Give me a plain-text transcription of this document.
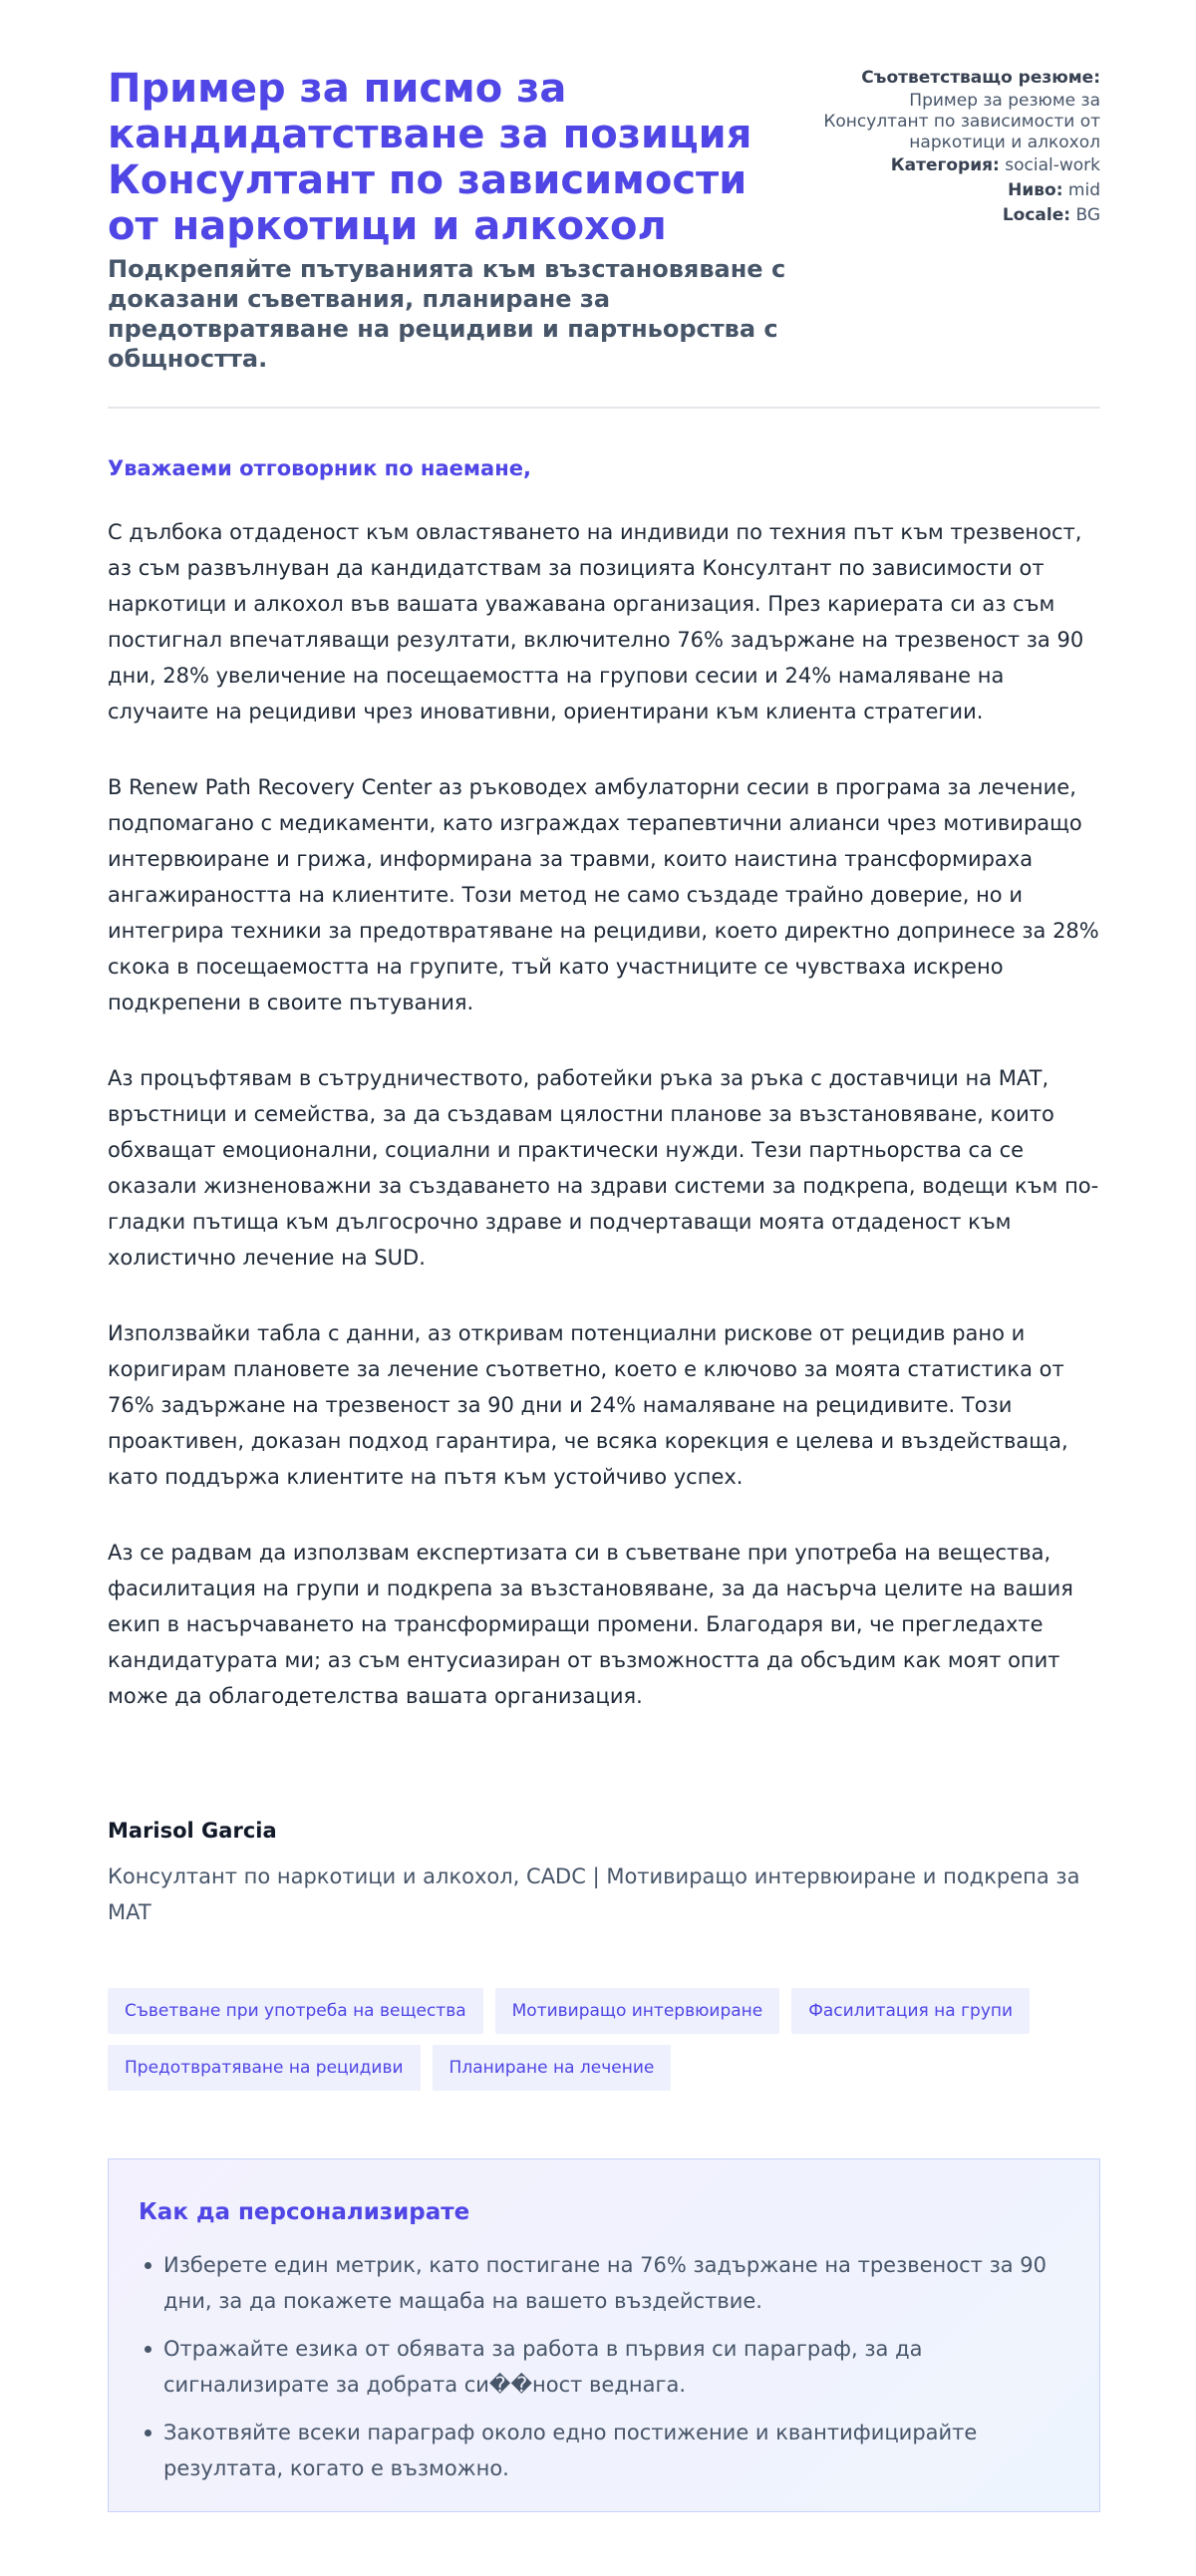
Пример за писмо за кандидатстване за позиция Консултант по зависимости от наркотици и алкохол
Подкрепяйте пътуванията към възстановяване с доказани съветвания, планиране за предотвратяване на рецидиви и партньорства с общността.
Съответстващо резюме:
Пример за резюме за Консултант по зависимости от наркотици и алкохол
Категория: social-work
Ниво: mid
Locale: BG
Уважаеми отговорник по наемане,

С дълбока отдаденост към овластяването на индивиди по техния път към трезвеност, аз съм развълнуван да кандидатствам за позицията Консултант по зависимости от наркотици и алкохол във вашата уважавана организация. През кариерата си аз съм постигнал впечатляващи резултати, включително 76% задържане на трезвеност за 90 дни, 28% увеличение на посещаемостта на групови сесии и 24% намаляване на случаите на рецидиви чрез иновативни, ориентирани към клиента стратегии.

В Renew Path Recovery Center аз ръководех амбулаторни сесии в програма за лечение, подпомагано с медикаменти, като изграждах терапевтични алианси чрез мотивиращо интервюиране и грижа, информирана за травми, които наистина трансформираха ангажираността на клиентите. Този метод не само създаде трайно доверие, но и интегрира техники за предотвратяване на рецидиви, което директно допринесе за 28% скока в посещаемостта на групите, тъй като участниците се чувстваха искрено подкрепени в своите пътувания.

Аз процъфтявам в сътрудничеството, работейки ръка за ръка с доставчици на MAT, връстници и семейства, за да създавам цялостни планове за възстановяване, които обхващат емоционални, социални и практически нужди. Тези партньорства са се оказали жизненоважни за създаването на здрави системи за подкрепа, водещи към по-гладки пътища към дългосрочно здраве и подчертаващи моята отдаденост към холистично лечение на SUD.

Използвайки табла с данни, аз откривам потенциални рискове от рецидив рано и коригирам плановете за лечение съответно, което е ключово за моята статистика от 76% задържане на трезвеност за 90 дни и 24% намаляване на рецидивите. Този проактивен, доказан подход гарантира, че всяка корекция е целева и въздействаща, като поддържа клиентите на пътя към устойчиво успех.

Аз се радвам да използвам експертизата си в съветване при употреба на вещества, фасилитация на групи и подкрепа за възстановяване, за да насърча целите на вашия екип в насърчаването на трансформиращи промени. Благодаря ви, че прегледахте кандидатурата ми; аз съм ентусиазиран от възможността да обсъдим как моят опит може да облагодетелства вашата организация.

Marisol Garcia
Консултант по наркотици и алкохол, CADC | Мотивиращо интервюиране и подкрепа за MAT
Съветване при употреба на вещества	Мотивиращо интервюиране	Фасилитация на групи
Предотвратяване на рецидиви	Планиране на лечение
Как да персонализирате
Изберете един метрик, като постигане на 76% задържане на трезвеност за 90 дни, за да покажете мащаба на вашето въздействие.
Отражайте езика от обявата за работа в първия си параграф, за да сигнализирате за добрата си��ност веднага.
Закотвяйте всеки параграф около едно постижение и квантифицирайте резултата, когато е възможно.
